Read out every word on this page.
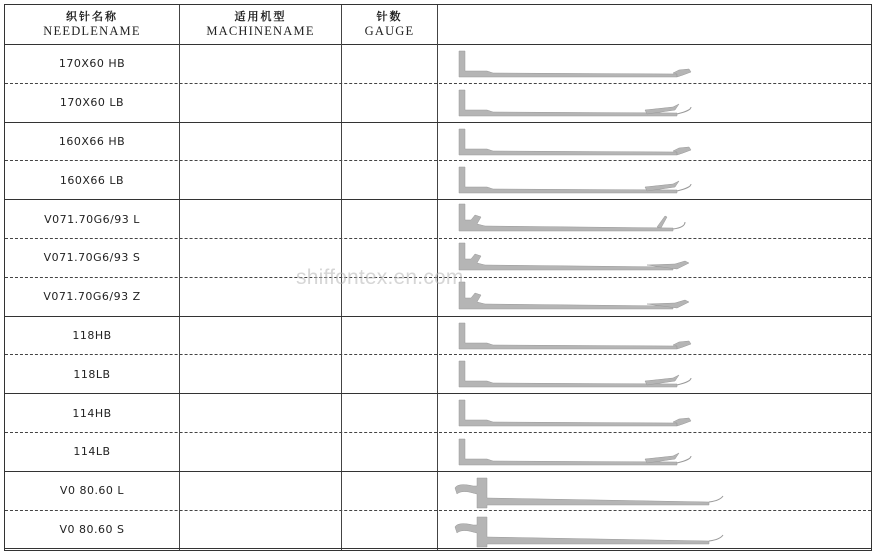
织针名称
NEEDLENAME
适用机型
MACHINENAME
针数
GAUGE
170X60 HB
170X60 LB
160X66 HB
160X66 LB
V071.70G6/93 L
V071.70G6/93 S
V071.70G6/93 Z
118HB
118LB
114HB
114LB
V0 80.60 L
V0 80.60 S
shiffontex.en.com
